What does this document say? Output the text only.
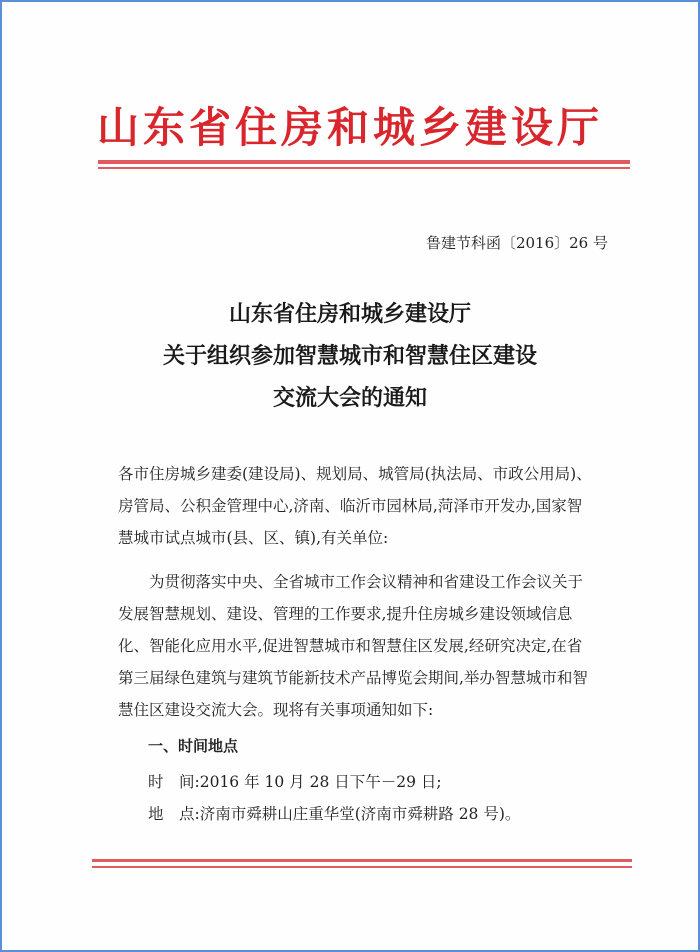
山东省住房和城乡建设厅
鲁建节科函〔2016〕26 号
山东省住房和城乡建设厅
关于组织参加智慧城市和智慧住区建设
交流大会的通知
各市住房城乡建委(建设局)、规划局、城管局(执法局、市政公用局)、房管局、公积金管理中心,济南、临沂市园林局,菏泽市开发办,国家智慧城市试点城市(县、区、镇),有关单位:
为贯彻落实中央、全省城市工作会议精神和省建设工作会议关于发展智慧规划、建设、管理的工作要求,提升住房城乡建设领域信息化、智能化应用水平,促进智慧城市和智慧住区发展,经研究决定,在省第三届绿色建筑与建筑节能新技术产品博览会期间,举办智慧城市和智慧住区建设交流大会。现将有关事项通知如下:
一、时间地点
时　间:2016 年 10 月 28 日下午－29 日;
地　点:济南市舜耕山庄重华堂(济南市舜耕路 28 号)。
